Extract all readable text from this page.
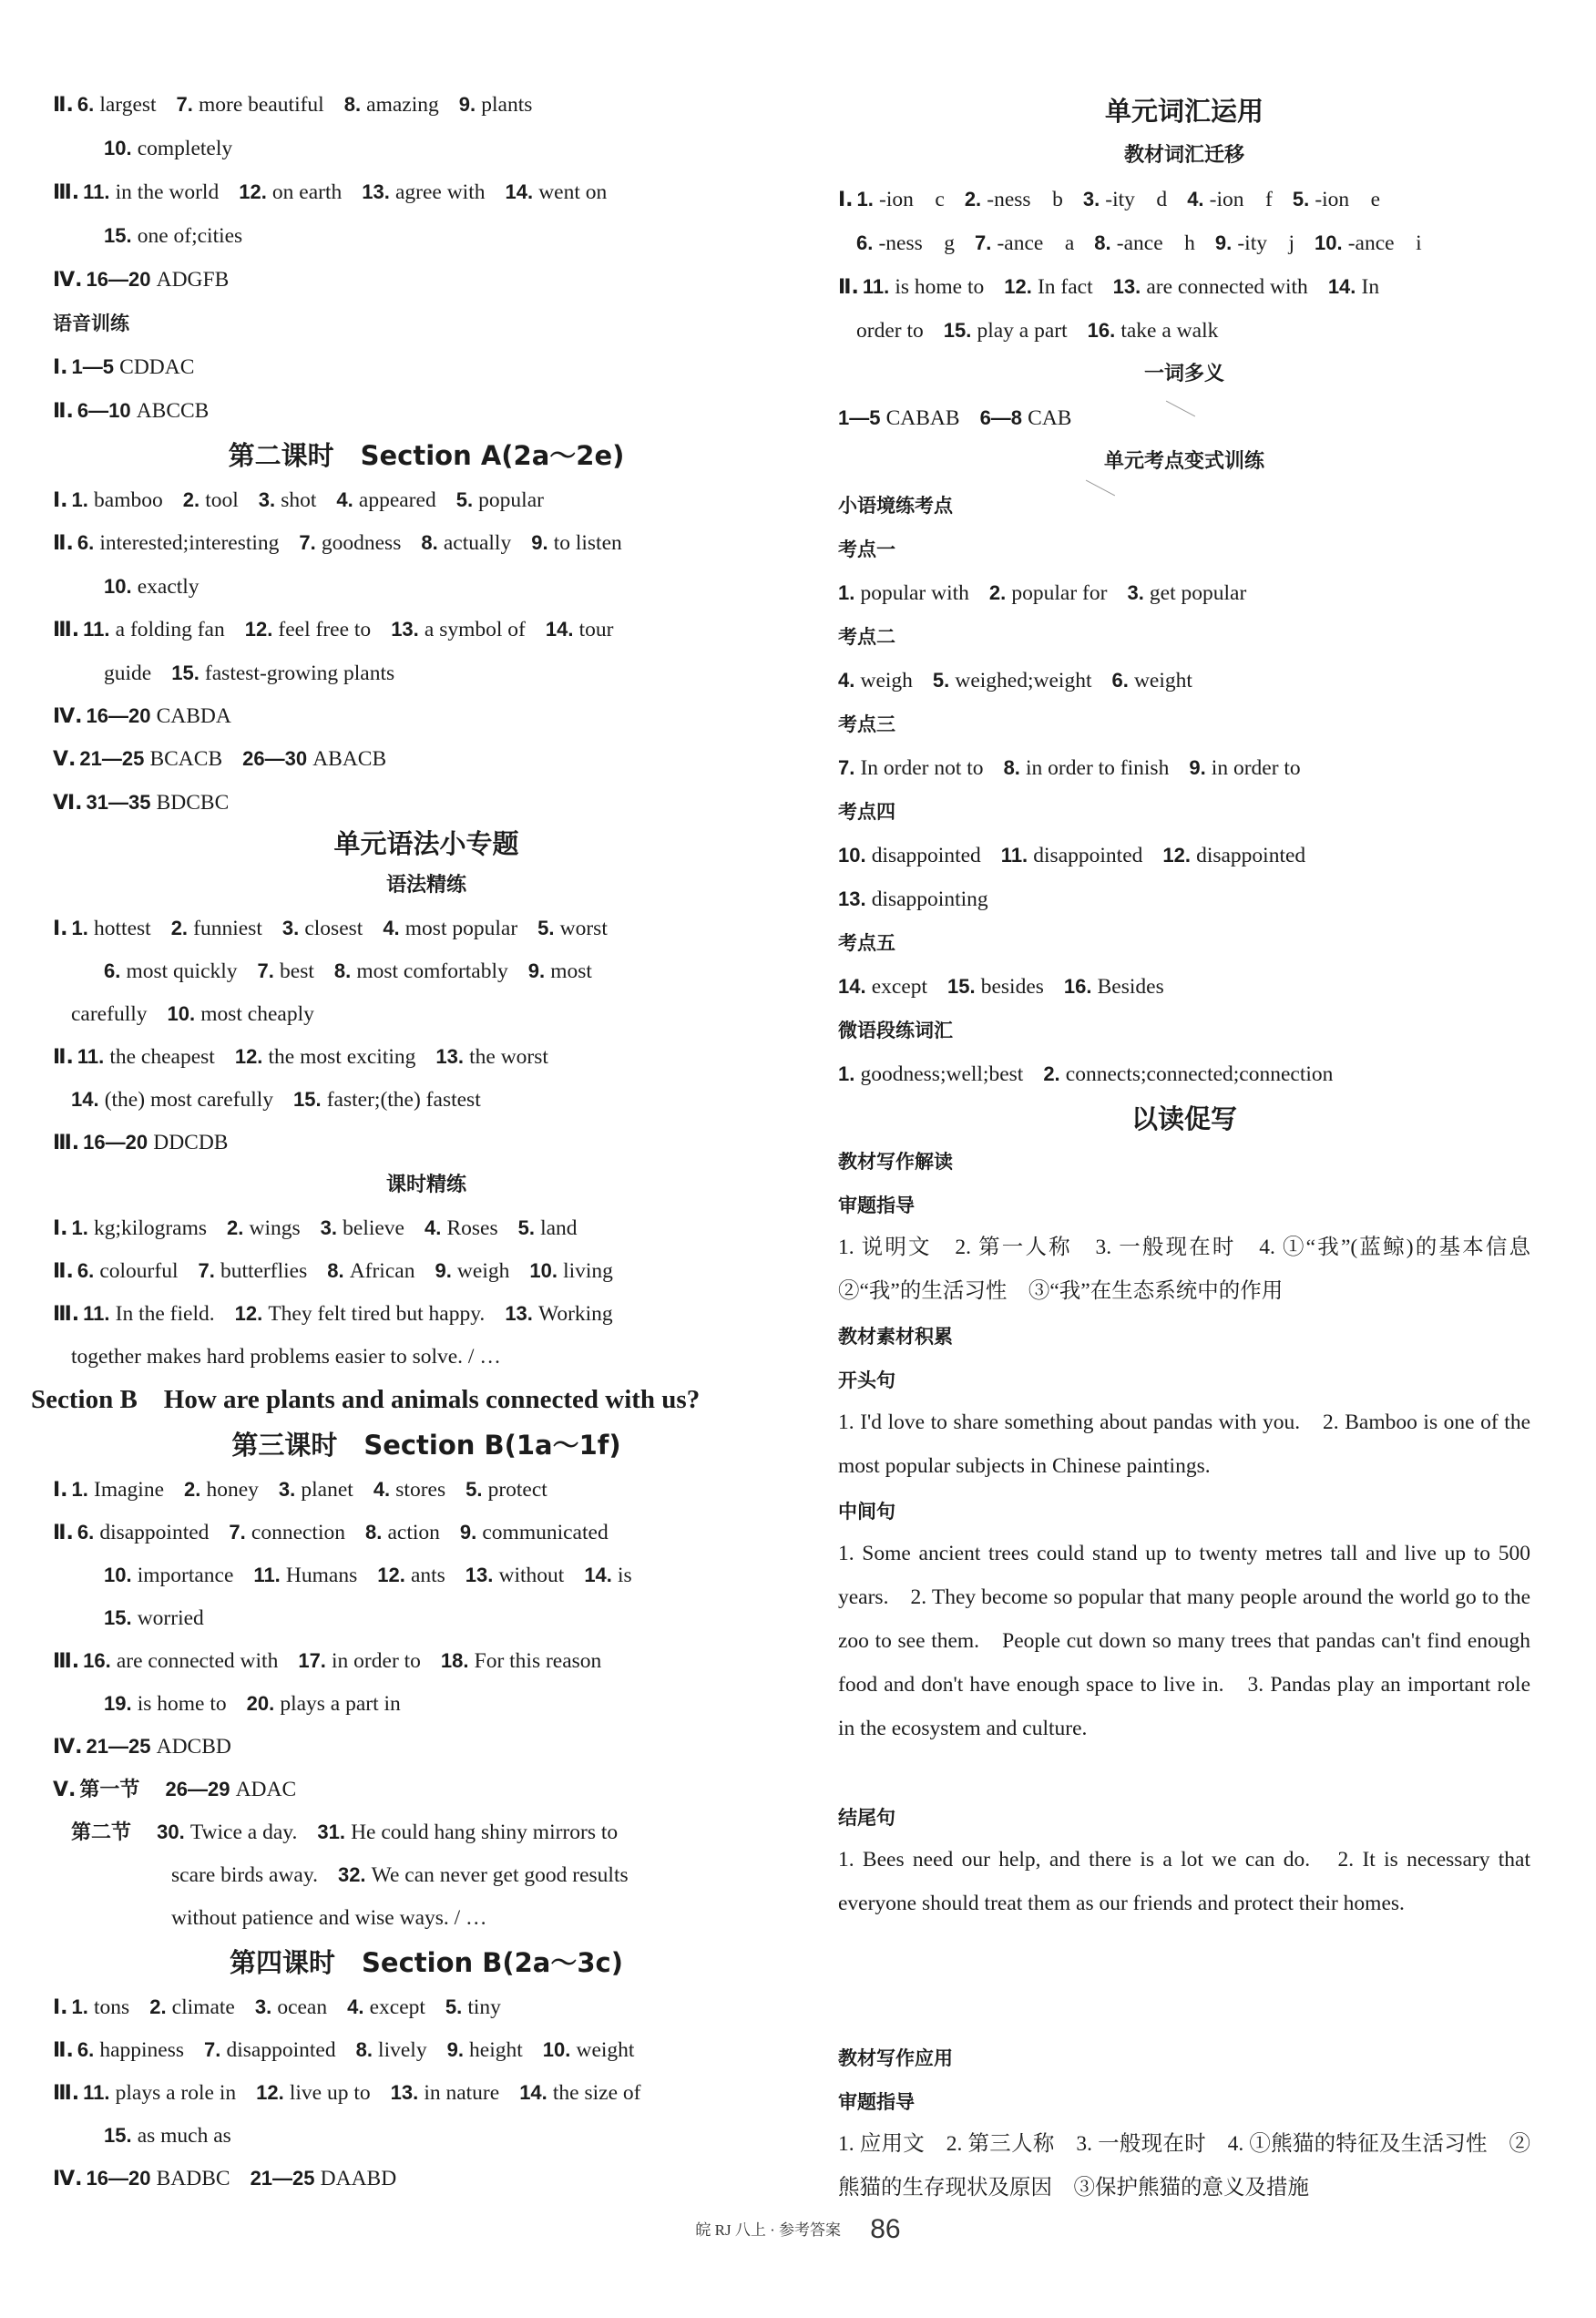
Ⅱ. 6. largest 7. more beautiful 8. amazing 9. plants
10. completely
Ⅲ. 11. in the world 12. on earth 13. agree with 14. went on
15. one of;cities
Ⅳ. 16—20 ADGFB
语音训练
Ⅰ. 1—5 CDDAC
Ⅱ. 6—10 ABCCB
第二课时　Section A(2a～2e)
Ⅰ. 1. bamboo 2. tool 3. shot 4. appeared 5. popular
Ⅱ. 6. interested;interesting 7. goodness 8. actually 9. to listen
10. exactly
Ⅲ. 11. a folding fan 12. feel free to 13. a symbol of 14. tour
guide 15. fastest-growing plants
Ⅳ. 16—20 CABDA
Ⅴ. 21—25 BCACB 26—30 ABACB
Ⅵ. 31—35 BDCBC
单元语法小专题
语法精练
Ⅰ. 1. hottest 2. funniest 3. closest 4. most popular 5. worst
6. most quickly 7. best 8. most comfortably 9. most
carefully 10. most cheaply
Ⅱ. 11. the cheapest 12. the most exciting 13. the worst
14. (the) most carefully 15. faster;(the) fastest
Ⅲ. 16—20 DDCDB
课时精练
Ⅰ. 1. kg;kilograms 2. wings 3. believe 4. Roses 5. land
Ⅱ. 6. colourful 7. butterflies 8. African 9. weigh 10. living
Ⅲ. 11. In the field. 12. They felt tired but happy. 13. Working
together makes hard problems easier to solve. / …
Section B　How are plants and animals connected with us?
第三课时　Section B(1a～1f)
Ⅰ. 1. Imagine 2. honey 3. planet 4. stores 5. protect
Ⅱ. 6. disappointed 7. connection 8. action 9. communicated
10. importance 11. Humans 12. ants 13. without 14. is
15. worried
Ⅲ. 16. are connected with 17. in order to 18. For this reason
19. is home to 20. plays a part in
Ⅳ. 21—25 ADCBD
Ⅴ. 第一节 26—29 ADAC
第二节 30. Twice a day. 31. He could hang shiny mirrors to
scare birds away. 32. We can never get good results
without patience and wise ways. / …
第四课时　Section B(2a～3c)
Ⅰ. 1. tons 2. climate 3. ocean 4. except 5. tiny
Ⅱ. 6. happiness 7. disappointed 8. lively 9. height 10. weight
Ⅲ. 11. plays a role in 12. live up to 13. in nature 14. the size of
15. as much as
Ⅳ. 16—20 BADBC 21—25 DAABD
单元词汇运用
教材词汇迁移
Ⅰ. 1. -ion　c 2. -ness　b 3. -ity　d 4. -ion　f 5. -ion　e
6. -ness　g 7. -ance　a 8. -ance　h 9. -ity　j 10. -ance　i
Ⅱ. 11. is home to 12. In fact 13. are connected with 14. In
order to 15. play a part 16. take a walk
一词多义
1—5 CABAB 6—8 CAB
单元考点变式训练
小语境练考点
考点一
1. popular with 2. popular for 3. get popular
考点二
4. weigh 5. weighed;weight 6. weight
考点三
7. In order not to 8. in order to finish 9. in order to
考点四
10. disappointed 11. disappointed 12. disappointed
13. disappointing
考点五
14. except 15. besides 16. Besides
微语段练词汇
1. goodness;well;best 2. connects;connected;connection
以读促写
教材写作解读
审题指导
1. 说明文　2. 第一人称　3. 一般现在时　4. ①“我”(蓝鲸)的基本信息　②“我”的生活习性　③“我”在生态系统中的作用
教材素材积累
开头句
1. I'd love to share something about pandas with you.　2. Bamboo is one of the most popular subjects in Chinese paintings.
中间句
1. Some ancient trees could stand up to twenty metres tall and live up to 500 years.　2. They become so popular that many people around the world go to the zoo to see them.　People cut down so many trees that pandas can't find enough food and don't have enough space to live in.　3. Pandas play an important role in the ecosystem and culture.
结尾句
1. Bees need our help, and there is a lot we can do.　2. It is necessary that everyone should treat them as our friends and protect their homes.
教材写作应用
审题指导
1. 应用文　2. 第三人称　3. 一般现在时　4. ①熊猫的特征及生活习性　②熊猫的生存现状及原因　③保护熊猫的意义及措施
皖 RJ 八上 · 参考答案 86
